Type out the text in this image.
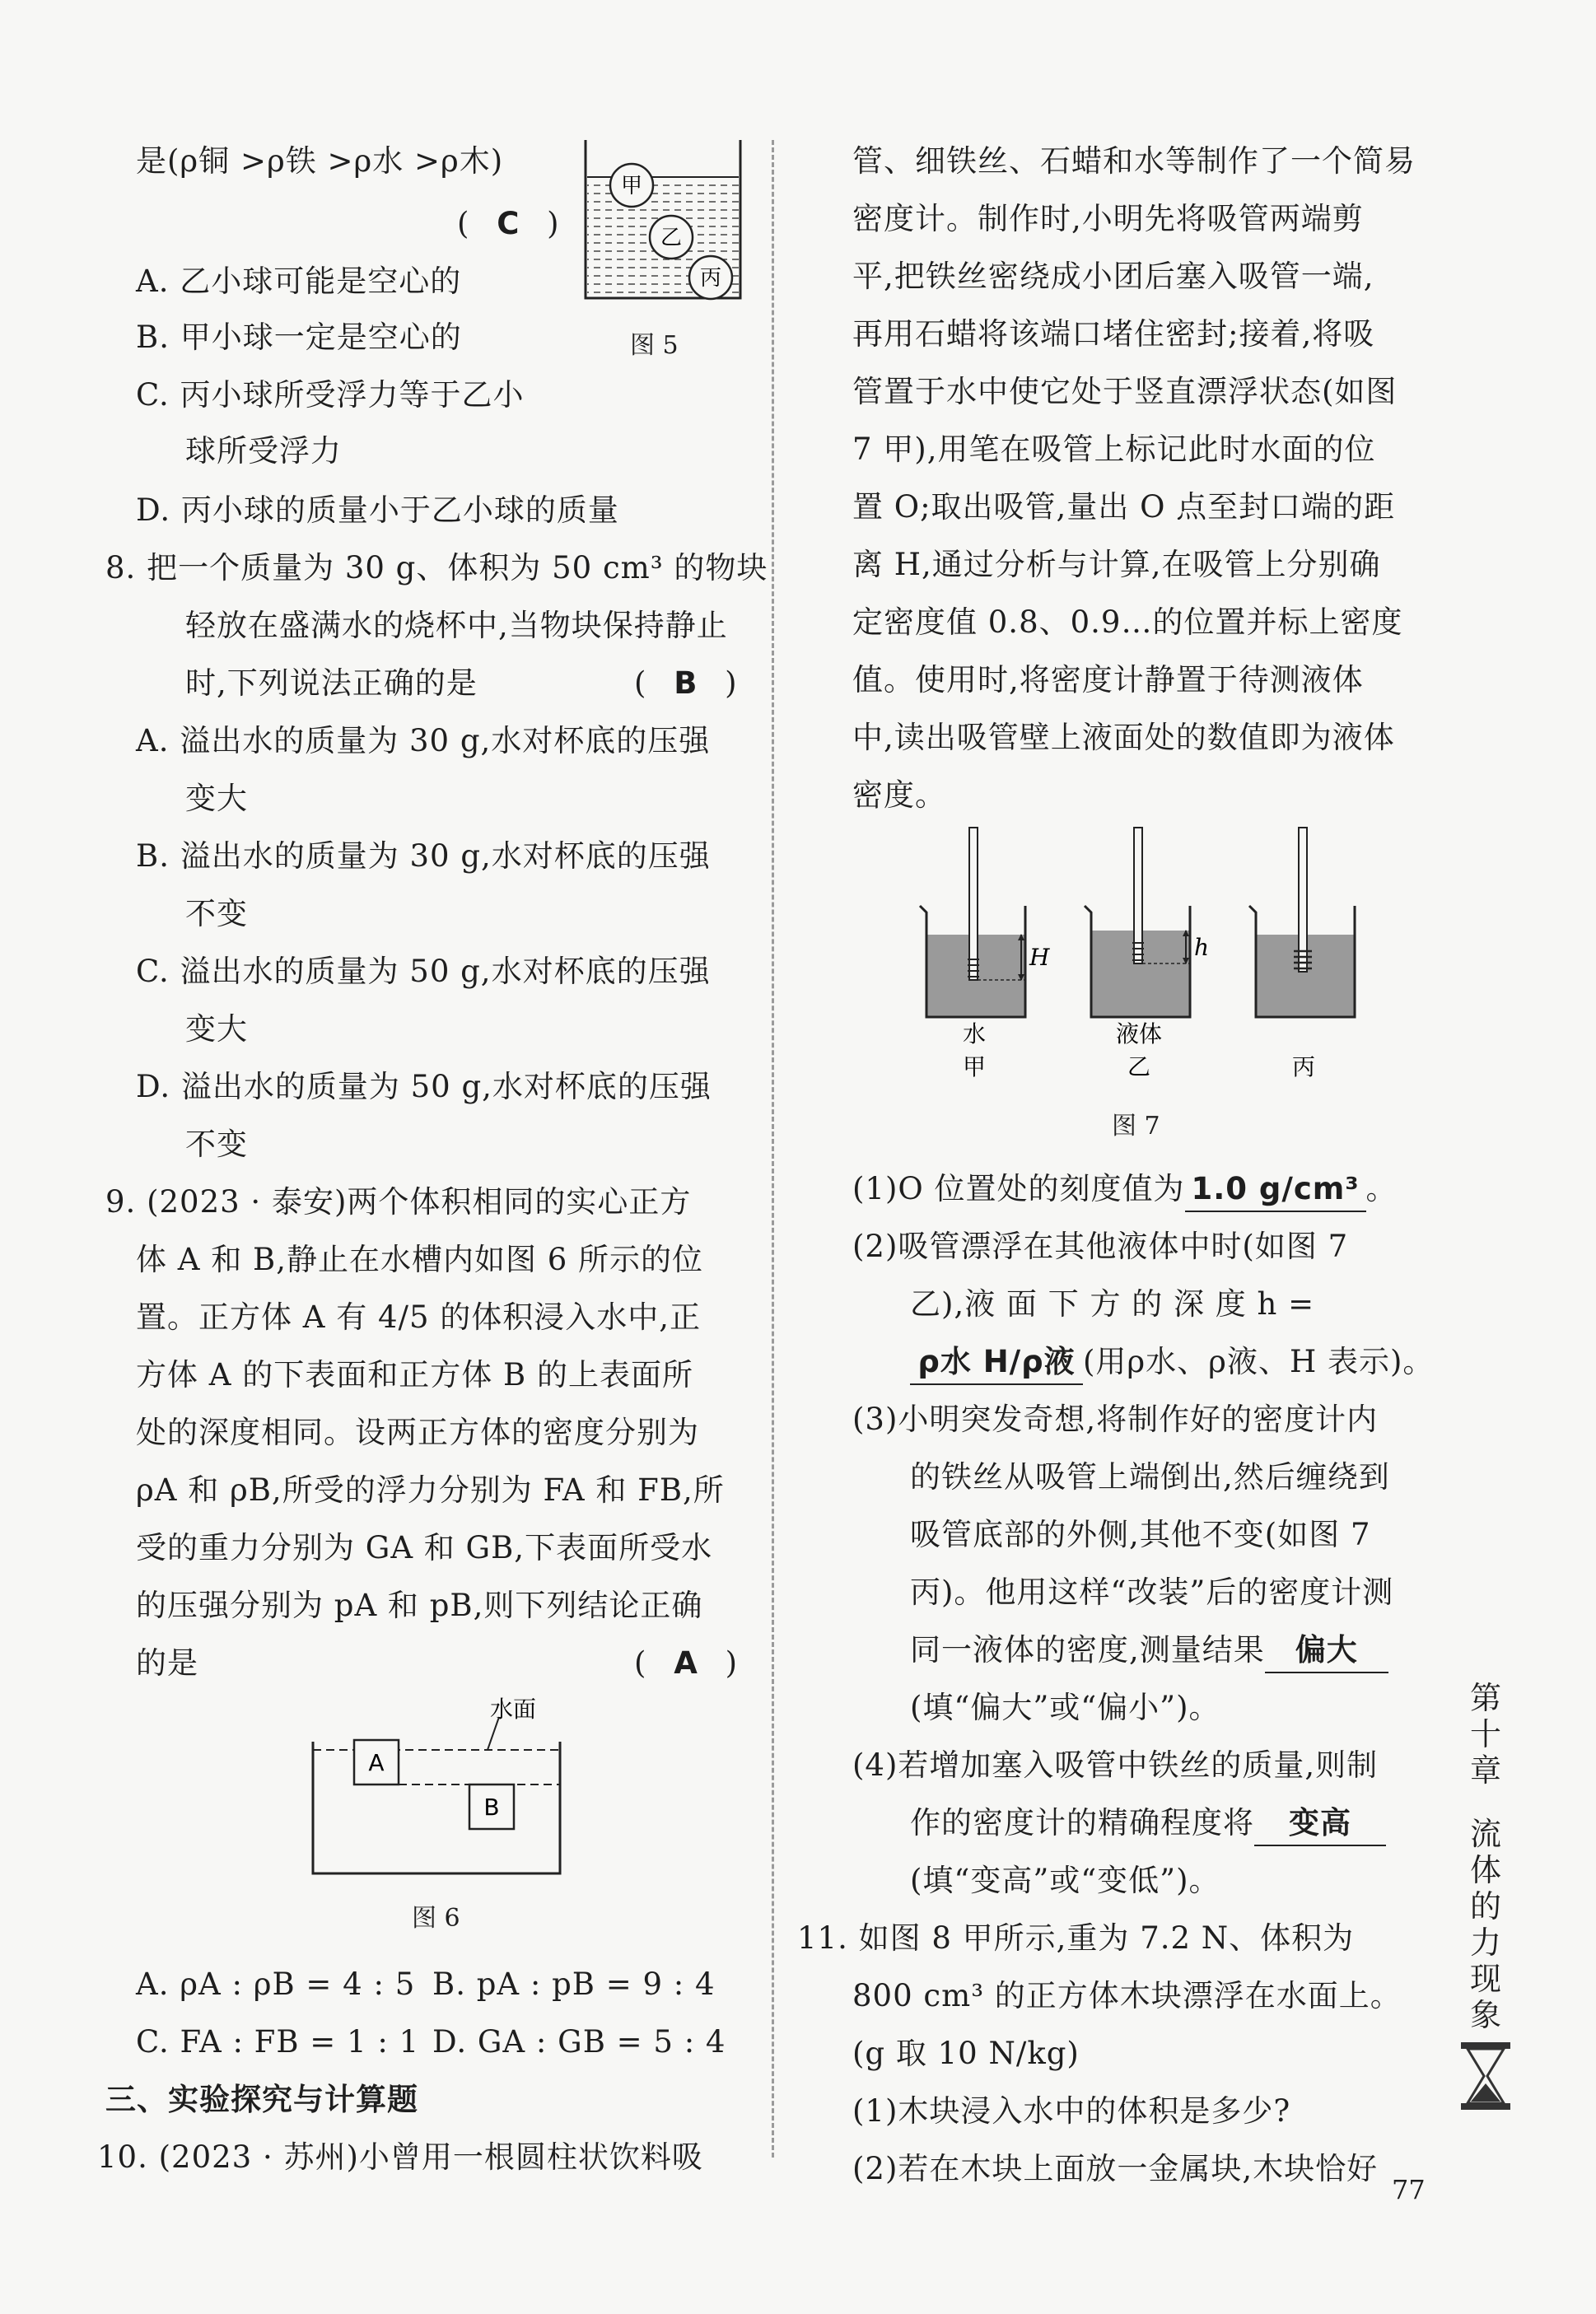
是(ρ铜 >ρ铁 >ρ水 >ρ木)
( C )
A. 乙小球可能是空心的
B. 甲小球一定是空心的
C. 丙小球所受浮力等于乙小
球所受浮力
D. 丙小球的质量小于乙小球的质量
甲
乙
丙
图 5
8. 把一个质量为 30 g、体积为 50 cm³ 的物块
轻放在盛满水的烧杯中,当物块保持静止
时,下列说法正确的是	( B )
A. 溢出水的质量为 30 g,水对杯底的压强
变大
B. 溢出水的质量为 30 g,水对杯底的压强
不变
C. 溢出水的质量为 50 g,水对杯底的压强
变大
D. 溢出水的质量为 50 g,水对杯底的压强
不变
9. (2023 · 泰安)两个体积相同的实心正方
体 A 和 B,静止在水槽内如图 6 所示的位
置。正方体 A 有 4/5 的体积浸入水中,正
方体 A 的下表面和正方体 B 的上表面所
处的深度相同。设两正方体的密度分别为
ρA 和 ρB,所受的浮力分别为 FA 和 FB,所
受的重力分别为 GA 和 GB,下表面所受水
的压强分别为 pA 和 pB,则下列结论正确
的是	( A )
水面
A
B
图 6
A. ρA : ρB = 4 : 5 B. pA : pB = 9 : 4
C. FA : FB = 1 : 1 D. GA : GB = 5 : 4
三、实验探究与计算题
10. (2023 · 苏州)小曾用一根圆柱状饮料吸
管、细铁丝、石蜡和水等制作了一个简易
密度计。制作时,小明先将吸管两端剪
平,把铁丝密绕成小团后塞入吸管一端,
再用石蜡将该端口堵住密封;接着,将吸
管置于水中使它处于竖直漂浮状态(如图
7 甲),用笔在吸管上标记此时水面的位
置 O;取出吸管,量出 O 点至封口端的距
离 H,通过分析与计算,在吸管上分别确
定密度值 0.8、0.9…的位置并标上密度
值。使用时,将密度计静置于待测液体
中,读出吸管壁上液面处的数值即为液体
密度。
H
水
甲
h
液体
乙	丙
图 7
(1)O 位置处的刻度值为 1.0 g/cm³ 。
(2)吸管漂浮在其他液体中时(如图 7
乙),液 面 下 方 的 深 度 h =
ρ水 H/ρ液 (用ρ水、ρ液、H 表示)。
(3)小明突发奇想,将制作好的密度计内
的铁丝从吸管上端倒出,然后缠绕到
吸管底部的外侧,其他不变(如图 7
丙)。他用这样“改装”后的密度计测
同一液体的密度,测量结果 偏大
(填“偏大”或“偏小”)。
(4)若增加塞入吸管中铁丝的质量,则制
作的密度计的精确程度将 变高
(填“变高”或“变低”)。
11. 如图 8 甲所示,重为 7.2 N、体积为
800 cm³ 的正方体木块漂浮在水面上。
(g 取 10 N/kg)
(1)木块浸入水中的体积是多少?
(2)若在木块上面放一金属块,木块恰好
第十章
流体的力现象
77
